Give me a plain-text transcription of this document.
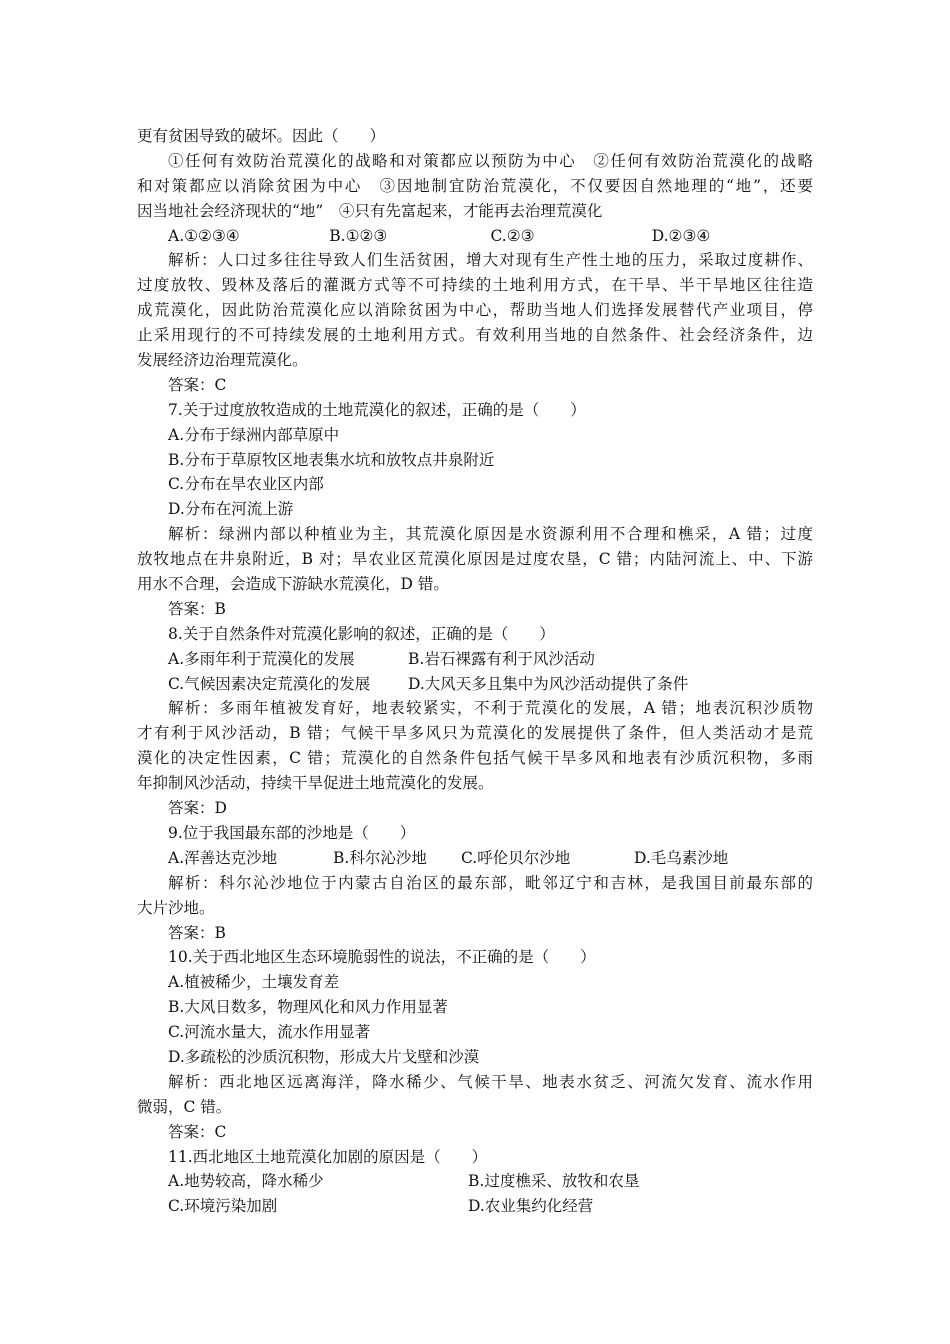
更有贫困导致的破坏。因此（　　）
①任何有效防治荒漠化的战略和对策都应以预防为中心　②任何有效防治荒漠化的战略
和对策都应以消除贫困为中心　③因地制宜防治荒漠化，不仅要因自然地理的“地”，还要
因当地社会经济现状的“地”　④只有先富起来，才能再去治理荒漠化
A.①②③④	B.①②③	C.②③	D.②③④
解析：人口过多往往导致人们生活贫困，增大对现有生产性土地的压力，采取过度耕作、
过度放牧、毁林及落后的灌溉方式等不可持续的土地利用方式，在干旱、半干旱地区往往造
成荒漠化，因此防治荒漠化应以消除贫困为中心，帮助当地人们选择发展替代产业项目，停
止采用现行的不可持续发展的土地利用方式。有效利用当地的自然条件、社会经济条件，边
发展经济边治理荒漠化。
答案：C
7.关于过度放牧造成的土地荒漠化的叙述，正确的是（　　）
A.分布于绿洲内部草原中
B.分布于草原牧区地表集水坑和放牧点井泉附近
C.分布在旱农业区内部
D.分布在河流上游
解析：绿洲内部以种植业为主，其荒漠化原因是水资源利用不合理和樵采，A 错；过度
放牧地点在井泉附近，B 对；旱农业区荒漠化原因是过度农垦，C 错；内陆河流上、中、下游
用水不合理，会造成下游缺水荒漠化，D 错。
答案：B
8.关于自然条件对荒漠化影响的叙述，正确的是（　　）
A.多雨年利于荒漠化的发展	B.岩石裸露有利于风沙活动
C.气候因素决定荒漠化的发展	D.大风天多且集中为风沙活动提供了条件
解析：多雨年植被发育好，地表较紧实，不利于荒漠化的发展，A 错；地表沉积沙质物
才有利于风沙活动，B 错；气候干旱多风只为荒漠化的发展提供了条件，但人类活动才是荒
漠化的决定性因素，C 错；荒漠化的自然条件包括气候干旱多风和地表有沙质沉积物，多雨
年抑制风沙活动，持续干旱促进土地荒漠化的发展。
答案：D
9.位于我国最东部的沙地是（　　）
A.浑善达克沙地	B.科尔沁沙地	C.呼伦贝尔沙地	D.毛乌素沙地
解析：科尔沁沙地位于内蒙古自治区的最东部，毗邻辽宁和吉林，是我国目前最东部的
大片沙地。
答案：B
10.关于西北地区生态环境脆弱性的说法，不正确的是（　　）
A.植被稀少，土壤发育差
B.大风日数多，物理风化和风力作用显著
C.河流水量大，流水作用显著
D.多疏松的沙质沉积物，形成大片戈壁和沙漠
解析：西北地区远离海洋，降水稀少、气候干旱、地表水贫乏、河流欠发育、流水作用
微弱，C 错。
答案：C
11.西北地区土地荒漠化加剧的原因是（　　）
A.地势较高，降水稀少	B.过度樵采、放牧和农垦
C.环境污染加剧	D.农业集约化经营
